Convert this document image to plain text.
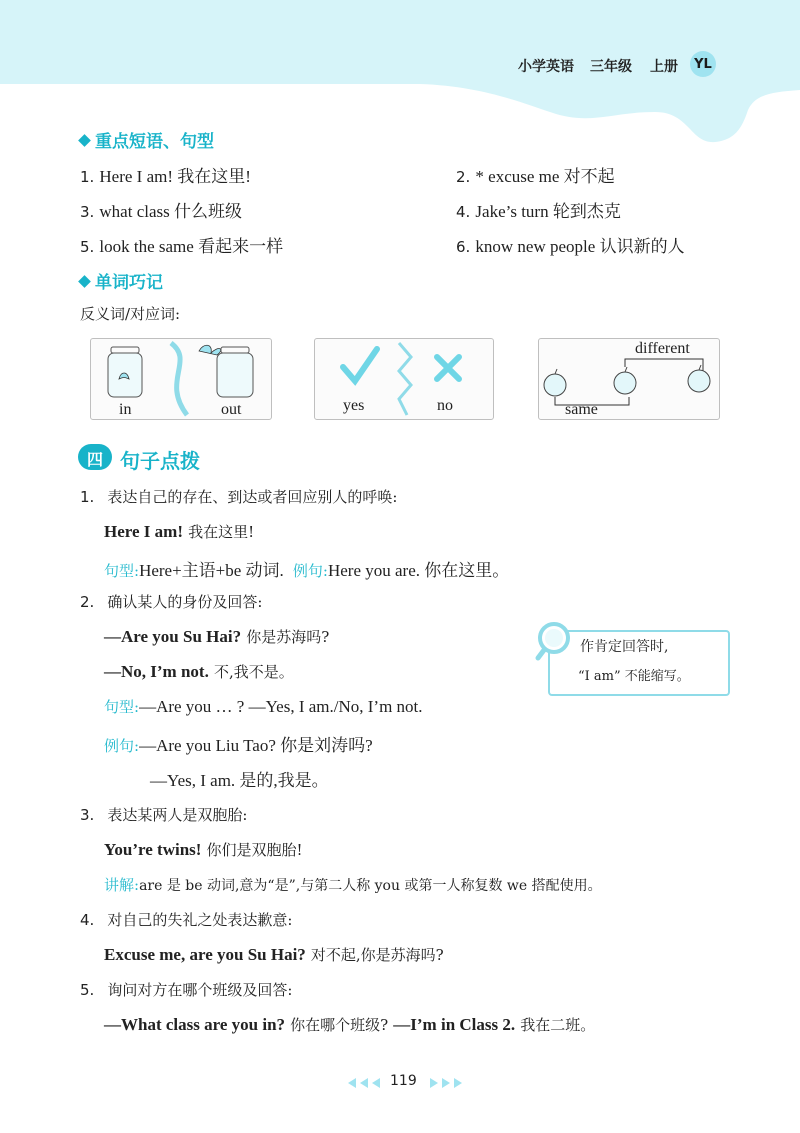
小学英语 三年级 上册	YL
重点短语、句型
1. Here I am! 我在这里!	2. * excuse me 对不起
3. what class 什么班级	4. Jake’s turn 轮到杰克
5. look the same 看起来一样	6. know new people 认识新的人
单词巧记
反义词/对应词:
in	out	yes	no
different
same
四 句子点拨
1. 表达自己的存在、到达或者回应别人的呼唤:
Here I am! 我在这里!
句型:Here+主语+be 动词. 例句:Here you are. 你在这里。
2. 确认某人的身份及回答:
—Are you Su Hai? 你是苏海吗?
—No, I’m not. 不,我不是。
句型:—Are you … ? —Yes, I am./No, I’m not.
例句:—Are you Liu Tao? 你是刘涛吗?
—Yes, I am. 是的,我是。
作肯定回答时,
“I am” 不能缩写。
3. 表达某两人是双胞胎:
You’re twins! 你们是双胞胎!
讲解:are 是 be 动词,意为“是”,与第二人称 you 或第一人称复数 we 搭配使用。
4. 对自己的失礼之处表达歉意:
Excuse me, are you Su Hai? 对不起,你是苏海吗?
5. 询问对方在哪个班级及回答:
—What class are you in? 你在哪个班级? —I’m in Class 2. 我在二班。
119
